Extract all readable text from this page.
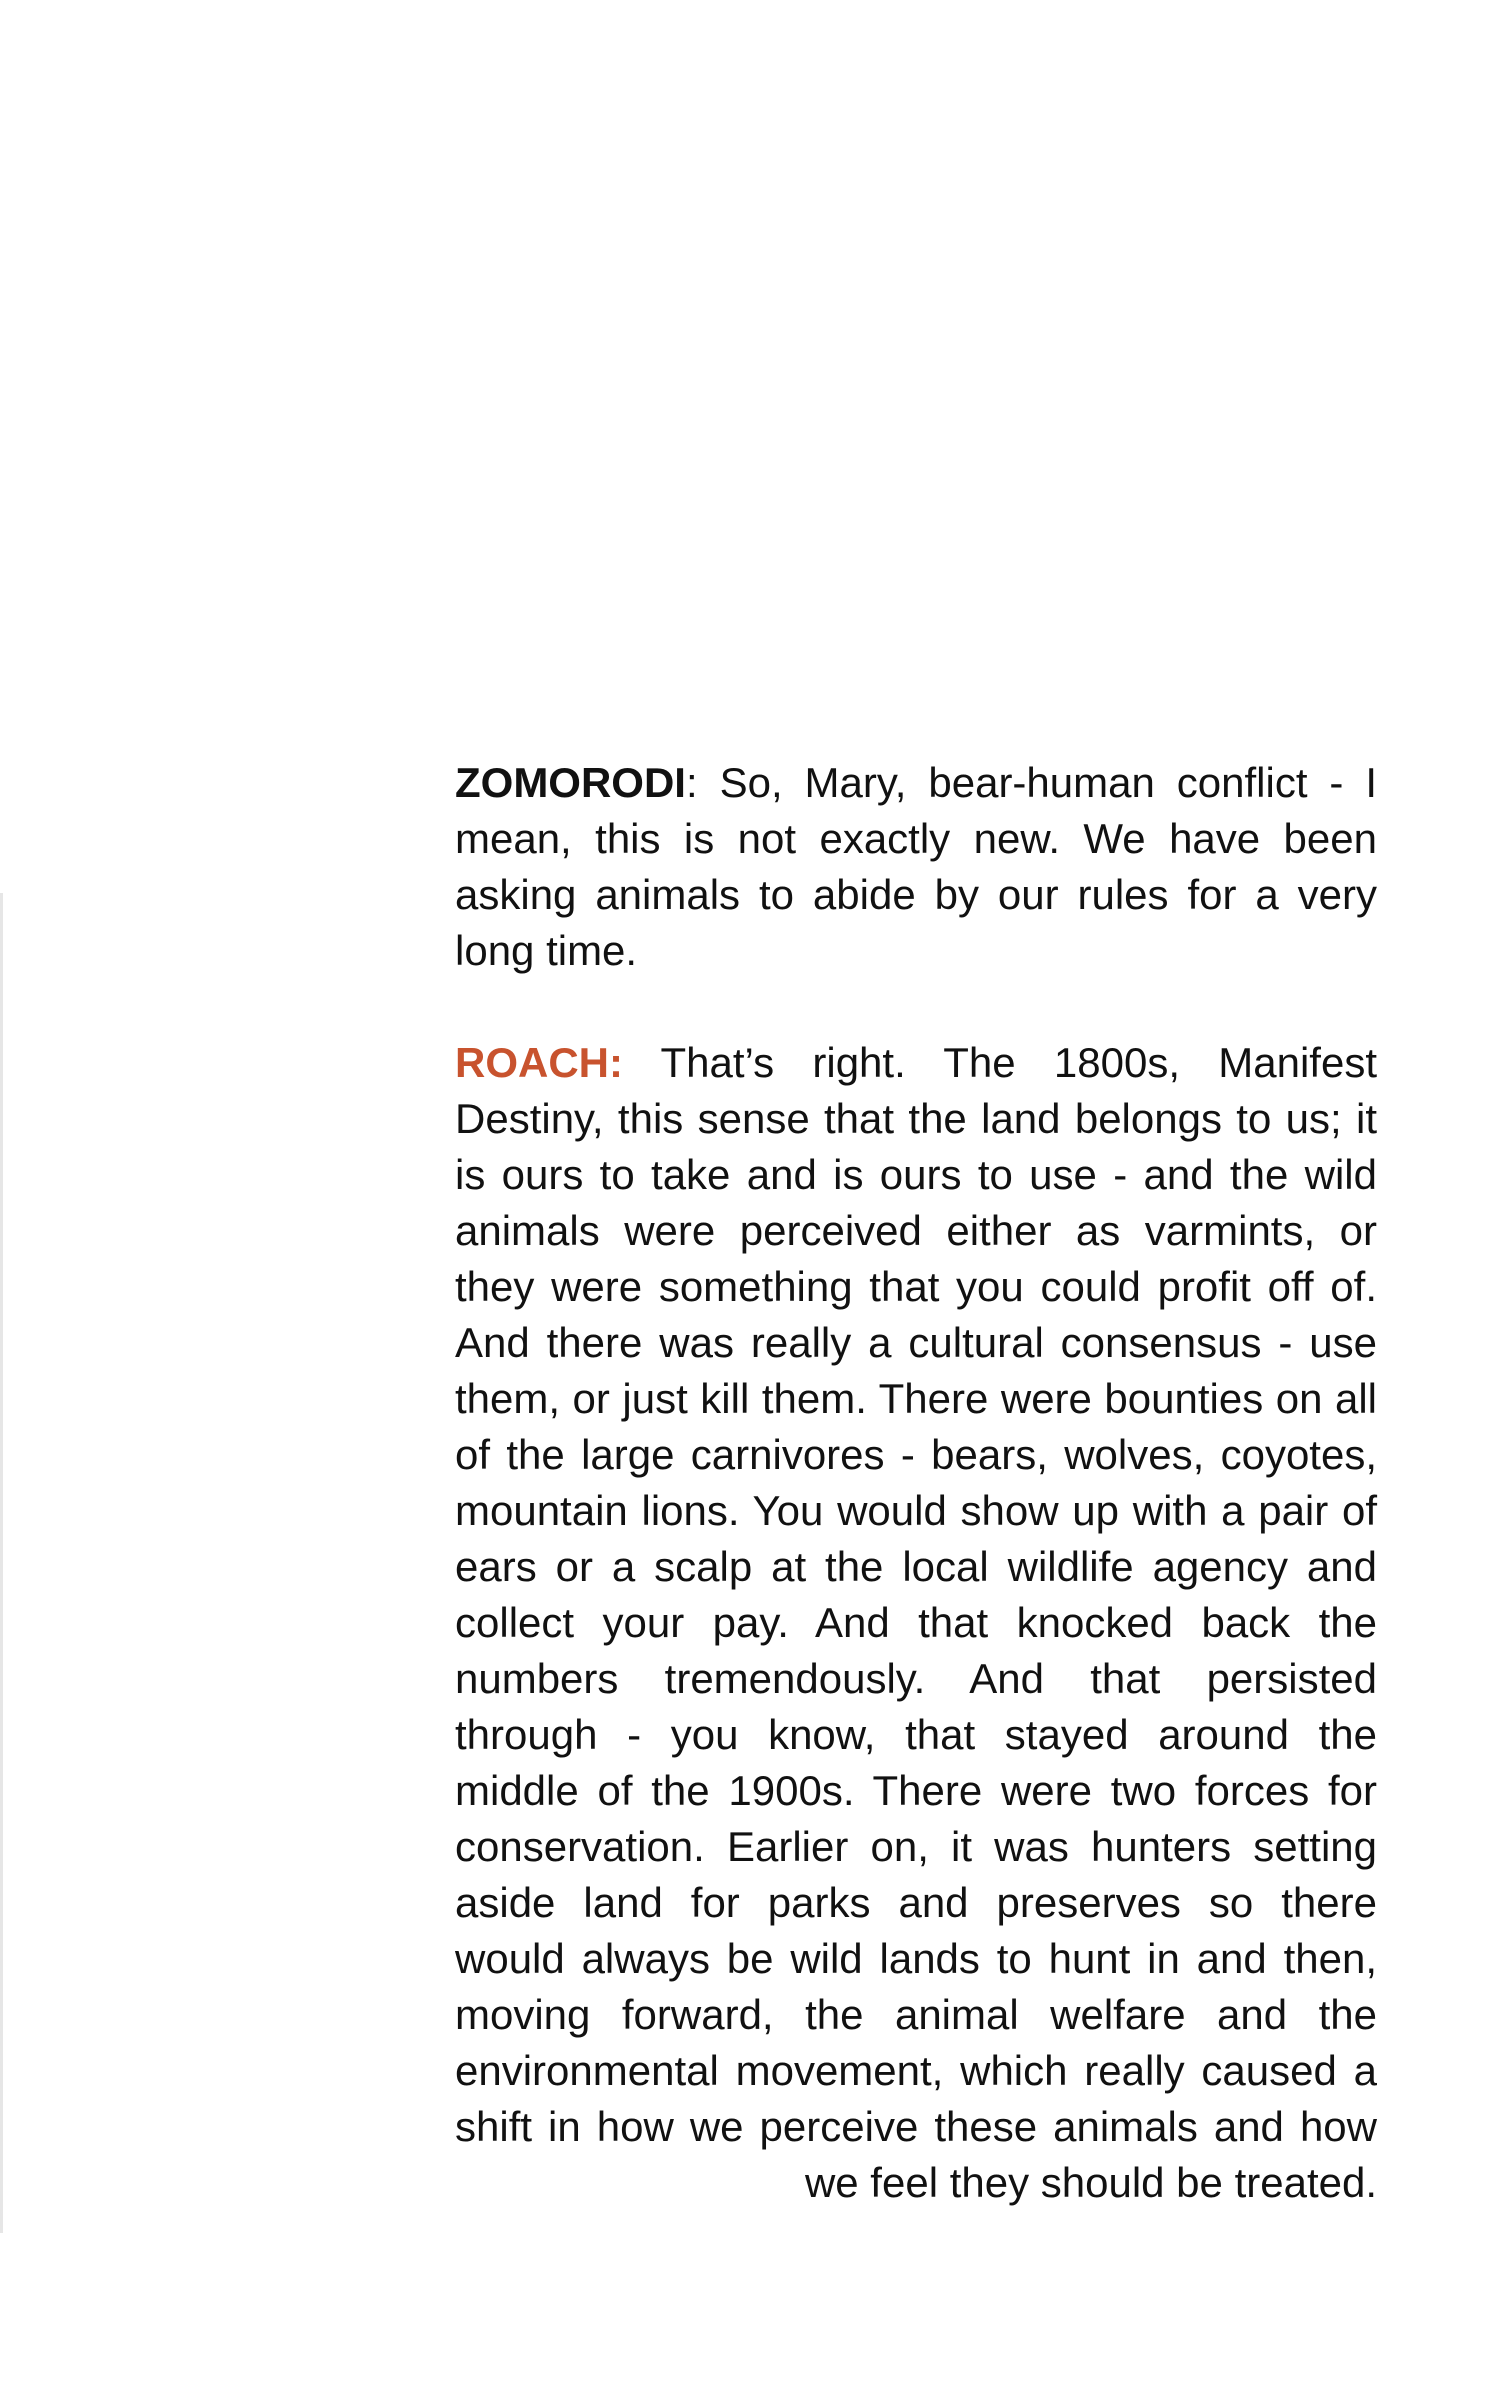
ZOMORODI: So, Mary, bear-human conflict - I mean, this is not exactly new. We have been asking animals to abide by our rules for a very long time.

ROACH: That’s right. The 1800s, Manifest Destiny, this sense that the land belongs to us; it is ours to take and is ours to use - and the wild animals were perceived either as varmints, or they were something that you could profit off of. And there was really a cultural consensus - use them, or just kill them. There were bounties on all of the large carnivores - bears, wolves, coyotes, mountain lions. You would show up with a pair of ears or a scalp at the local wildlife agency and collect your pay. And that knocked back the numbers tremendously. And that persisted through - you know, that stayed around the middle of the 1900s. There were two forces for conservation. Earlier on, it was hunters setting aside land for parks and preserves so there would always be wild lands to hunt in and then, moving forward, the animal welfare and the environmental movement, which really caused a shift in how we perceive these animals and how we feel they should be treated.
